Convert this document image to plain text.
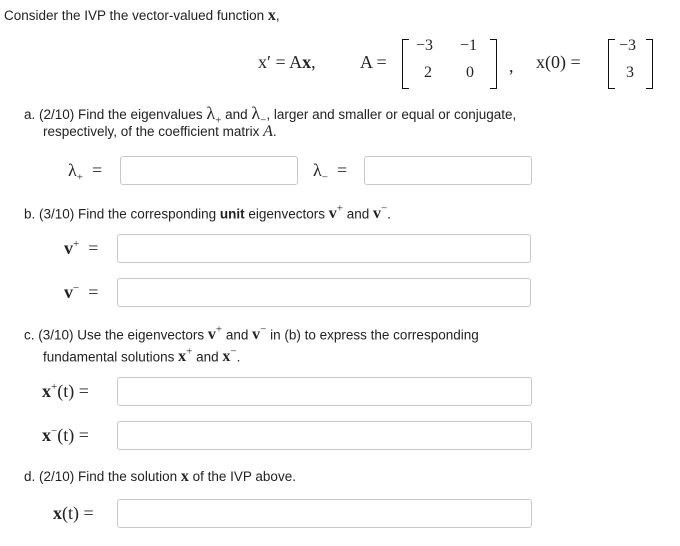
Consider the IVP the vector-valued function x,
x′ = Ax, A =
−3 −1
2 0 , x(0) =
−3
3
a. (2/10) Find the eigenvalues $\lambda_+$ and $\lambda_-$, larger and smaller or equal or conjugate,
respectively, of the coefficient matrix A.
$\lambda_+$ =	$\lambda_-$ =
b. (3/10) Find the corresponding unit eigenvectors v+ and v−.
v+ =
v− =
c. (3/10) Use the eigenvectors v+ and v− in (b) to express the corresponding
fundamental solutions x+ and x−.
x+(t) =
x−(t) =
d. (2/10) Find the solution x of the IVP above.
x(t) =
